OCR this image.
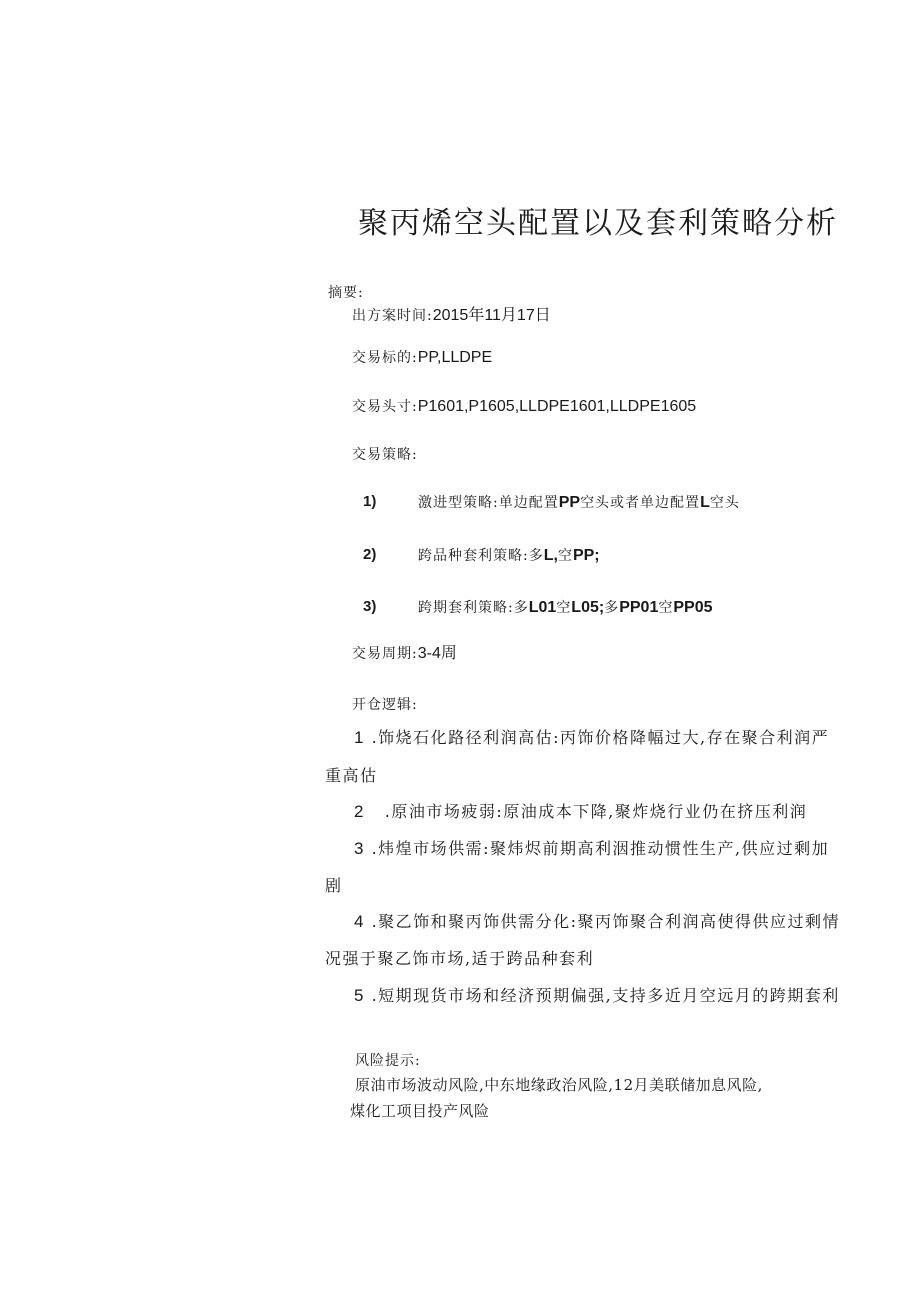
聚丙烯空头配置以及套利策略分析
摘要:
出方案时间:2015年11月17日
交易标的:PP,LLDPE
交易头寸:P1601,P1605,LLDPE1601,LLDPE1605
交易策略:
1)	激进型策略:单边配置PP空头或者单边配置L空头
2)	跨品种套利策略:多L,空PP;
3)	跨期套利策略:多L01空L05;多PP01空PP05
交易周期:3-4周
开仓逻辑:
1 .饰烧石化路径利润高估:丙饰价格降幅过大,存在聚合利润严
重高估
2 .原油市场疲弱:原油成本下降,聚炸烧行业仍在挤压利润
3 .炜煌市场供需:聚炜烬前期高利洇推动惯性生产,供应过剩加
剧
4 .聚乙饰和聚丙饰供需分化:聚丙饰聚合利润高使得供应过剩情
况强于聚乙饰市场,适于跨品种套利
5 .短期现货市场和经济预期偏强,支持多近月空远月的跨期套利
风险提示:
原油市场波动风险,中东地缘政治风险,12月美联储加息风险,
煤化工项目投产风险
